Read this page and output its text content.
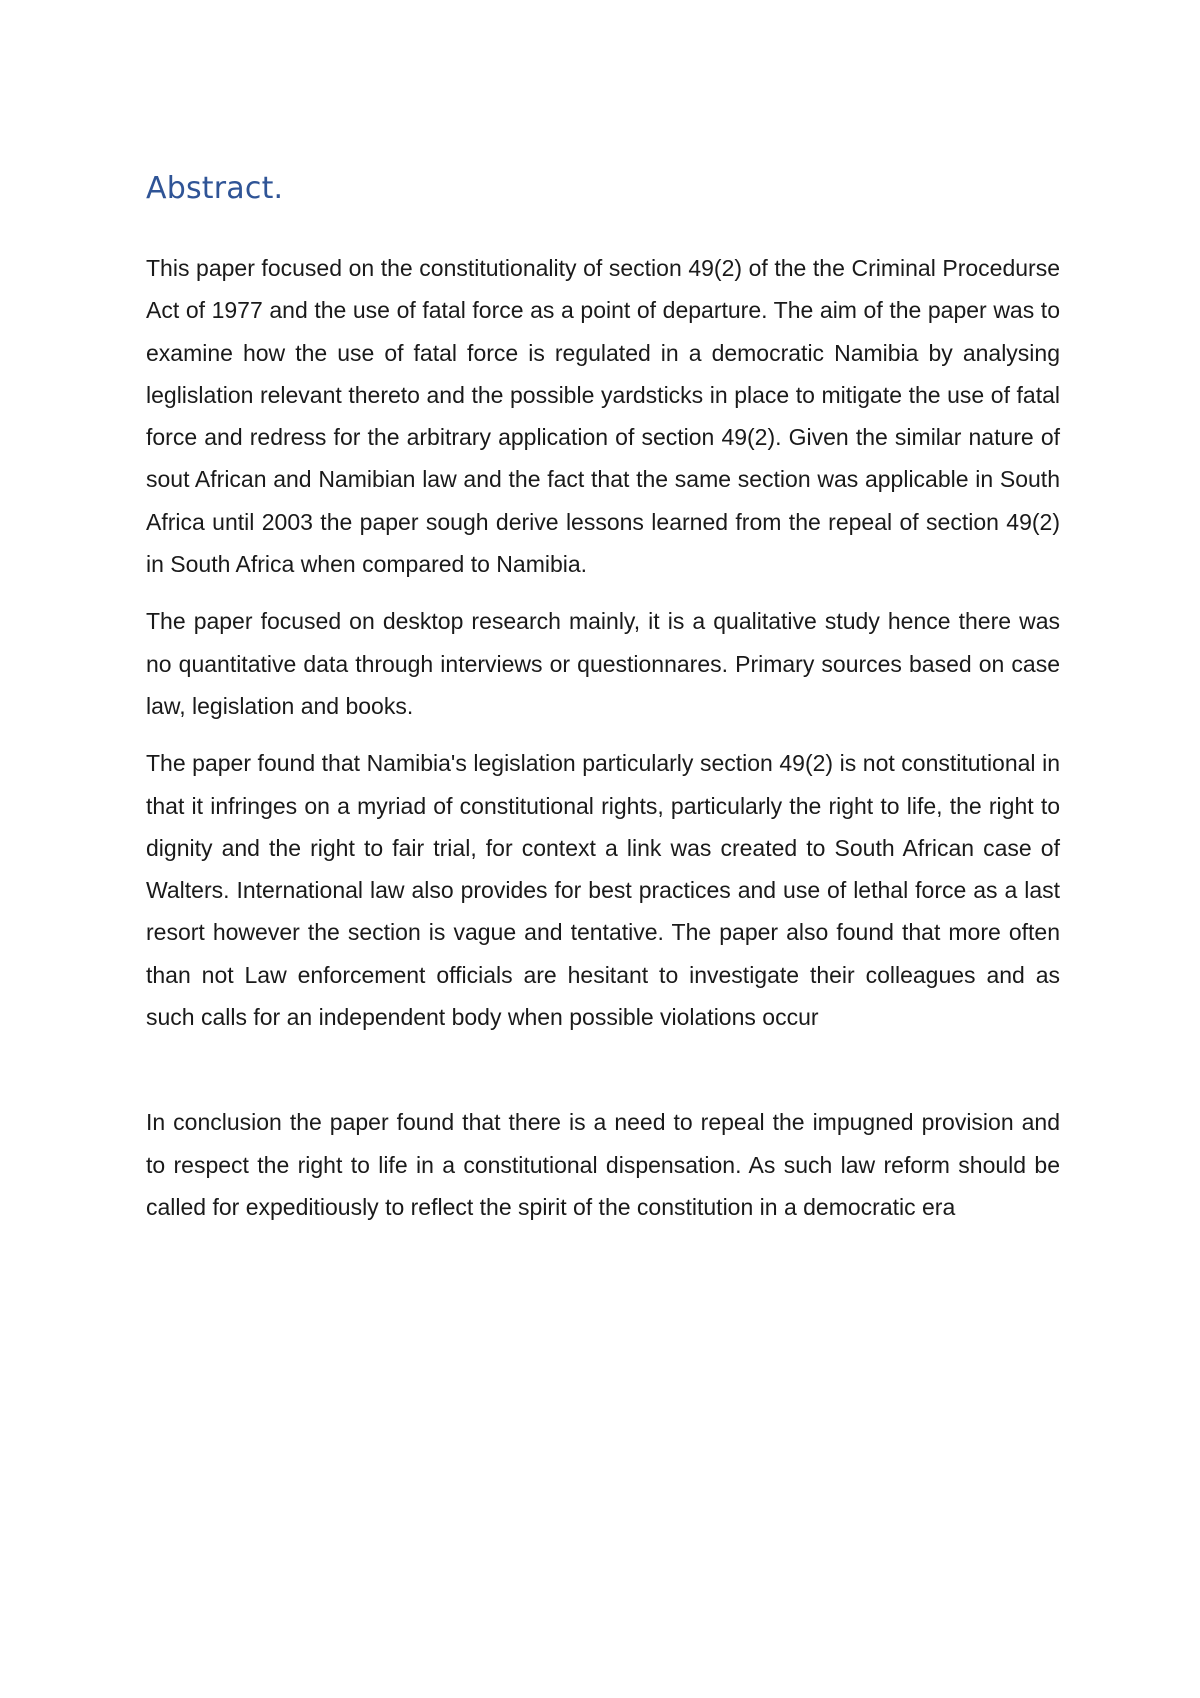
Abstract.

This paper focused on the constitutionality of section 49(2) of the the Criminal Procedurse Act of 1977 and the use of fatal force as a point of departure. The aim of the paper was to examine how the use of fatal force is regulated in a democratic Namibia by analysing leglislation relevant thereto and the possible yardsticks in place to mitigate the use of fatal force and redress for the arbitrary application of section 49(2). Given the similar nature of sout African and Namibian law and the fact that the same section was applicable in South Africa until 2003 the paper sough derive lessons learned from the repeal of section 49(2) in South Africa when compared to Namibia.

The paper focused on desktop research mainly, it is a qualitative study hence there was no quantitative data through interviews or questionnares. Primary sources based on case law, legislation and books.

The paper found that Namibia's legislation particularly section 49(2) is not constitutional in that it infringes on a myriad of constitutional rights, particularly the right to life, the right to dignity and the right to fair trial, for context a link was created to South African case of Walters. International law also provides for best practices and use of lethal force as a last resort however the section is vague and tentative. The paper also found that more often than not Law enforcement officials are hesitant to investigate their colleagues and as such calls for an independent body when possible violations occur

In conclusion the paper found that there is a need to repeal the impugned provision and to respect the right to life in a constitutional dispensation. As such law reform should be called for expeditiously to reflect the spirit of the constitution in a democratic era
